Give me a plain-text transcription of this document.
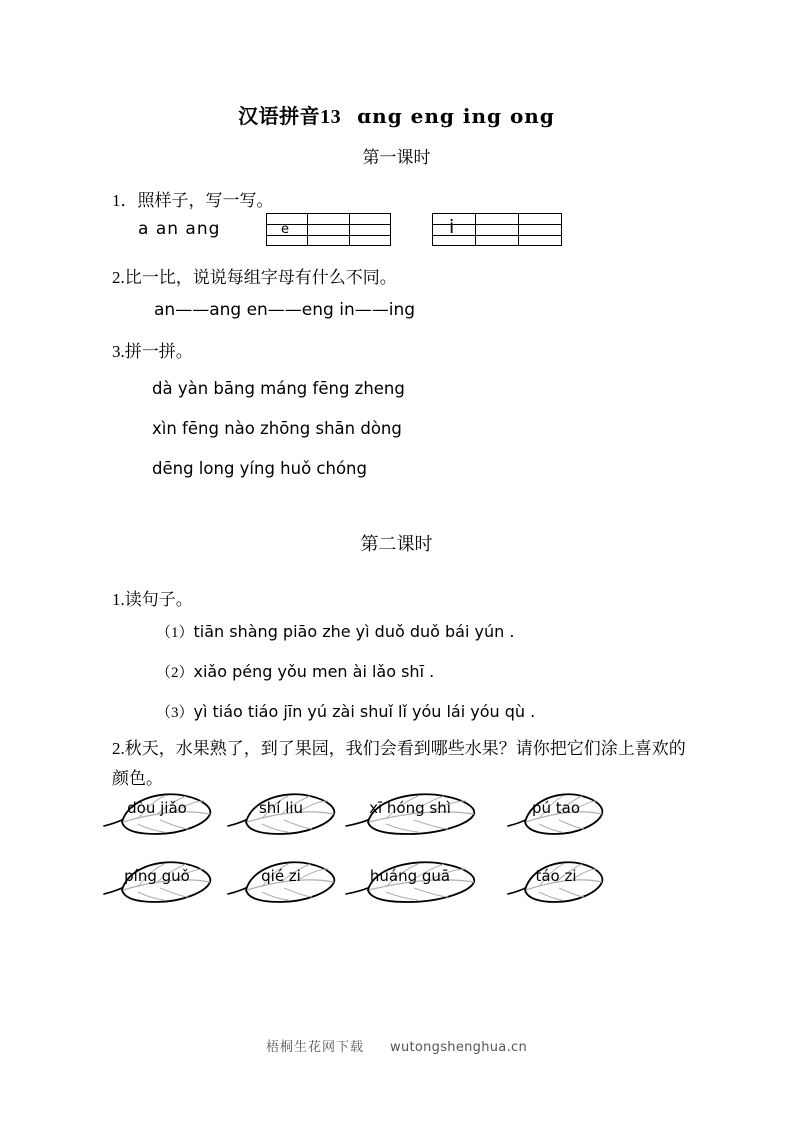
汉语拼音13 ɑng eng ing ong
第一课时
1．照样子，写一写。
a an ang	e	i
2.比一比，说说每组字母有什么不同。
an——ang en——eng in——ing
3.拼一拼。
dà yàn bāng máng fēng zheng
xìn fēng nào zhōng shān dòng
dēng long yíng huǒ chóng
第二课时
1.读句子。
（1）tiān shàng piāo zhe yì duǒ duǒ bái yún .
（2）xiǎo péng yǒu men ài lǎo shī .
（3）yì tiáo tiáo jīn yú zài shuǐ lǐ yóu lái yóu qù .
2.秋天，水果熟了，到了果园，我们会看到哪些水果？请你把它们涂上喜欢的颜色。
dòu jiǎo	shí liu	xī hóng shì	pú tao
píng guǒ	qié zi	huáng guā	táo zi
梧桐生花网下载 wutongshenghua.cn
